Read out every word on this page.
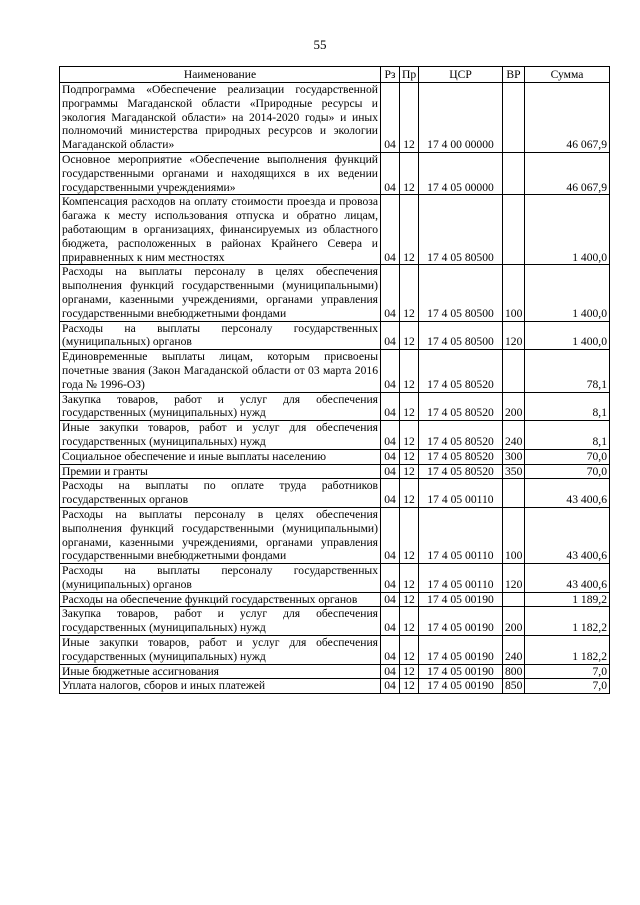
55
Наименование	Рз	Пр	ЦСР	ВР	Сумма
Подпрограмма «Обеспечение реализации государственной программы Магаданской области «Природные ресурсы и экология Магаданской области» на 2014-2020 годы» и иных полномочий министерства природных ресурсов и экологии Магаданской области»	04	12	17 4 00 00000		46 067,9
Основное мероприятие «Обеспечение выполнения функций государственными органами и находящихся в их ведении государственными учреждениями»	04	12	17 4 05 00000		46 067,9
Компенсация расходов на оплату стоимости проезда и провоза багажа к месту использования отпуска и обратно лицам, работающим в организациях, финансируемых из областного бюджета, расположенных в районах Крайнего Севера и приравненных к ним местностях	04	12	17 4 05 80500		1 400,0
Расходы на выплаты персоналу в целях обеспечения выполнения функций государственными (муниципальными) органами, казенными учреждениями, органами управления государственными внебюджетными фондами	04	12	17 4 05 80500	100	1 400,0
Расходы на выплаты персоналу государственных (муниципальных) органов	04	12	17 4 05 80500	120	1 400,0
Единовременные выплаты лицам, которым присвоены почетные звания (Закон Магаданской области от 03 марта 2016 года № 1996-ОЗ)	04	12	17 4 05 80520		78,1
Закупка товаров, работ и услуг для обеспечения государственных (муниципальных) нужд	04	12	17 4 05 80520	200	8,1
Иные закупки товаров, работ и услуг для обеспечения государственных (муниципальных) нужд	04	12	17 4 05 80520	240	8,1
Социальное обеспечение и иные выплаты населению	04	12	17 4 05 80520	300	70,0
Премии и гранты	04	12	17 4 05 80520	350	70,0
Расходы на выплаты по оплате труда работников государственных органов	04	12	17 4 05 00110		43 400,6
Расходы на выплаты персоналу в целях обеспечения выполнения функций государственными (муниципальными) органами, казенными учреждениями, органами управления государственными внебюджетными фондами	04	12	17 4 05 00110	100	43 400,6
Расходы на выплаты персоналу государственных (муниципальных) органов	04	12	17 4 05 00110	120	43 400,6
Расходы на обеспечение функций государственных органов	04	12	17 4 05 00190		1 189,2
Закупка товаров, работ и услуг для обеспечения государственных (муниципальных) нужд	04	12	17 4 05 00190	200	1 182,2
Иные закупки товаров, работ и услуг для обеспечения государственных (муниципальных) нужд	04	12	17 4 05 00190	240	1 182,2
Иные бюджетные ассигнования	04	12	17 4 05 00190	800	7,0
Уплата налогов, сборов и иных платежей	04	12	17 4 05 00190	850	7,0
